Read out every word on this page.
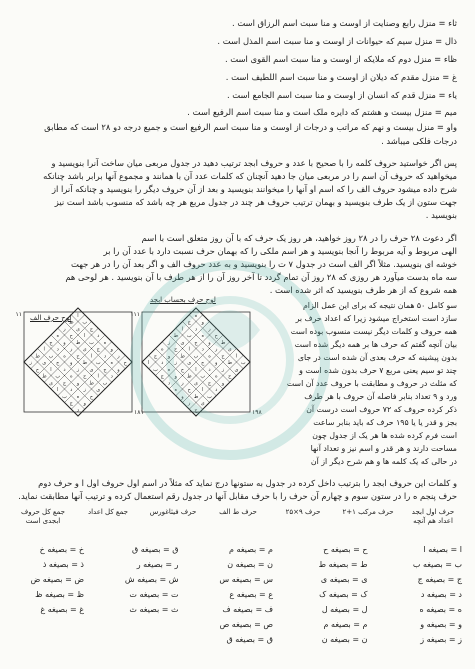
ثاء = منزل رابع وصنایت از اوست و منا سبت اسم الرزاق است .
ذال = منزل سیم که حیوانات از اوست و منا سبت اسم المذل است .
ظاء = منزل دوم که ملایکه از اوست و منا سبت اسم القوی است .
غ = منزل مقدم که دیلان از اوست و منا سبت اسم اللطیف است .
یاء = منزل قدم که انسان از اوست و منا سبت اسم الجامع است .
میم = منزل بیست و هشتم که دایره ملک است و منا سبت اسم الرفیع است .
واو = منزل بیست و نهم که مراتب و درجات از اوست و منا سبت اسم الرفیع است و جمیع درجه دو ۲۸ است که مطابق
درجات فلکی میباشد .
پس اگر خواستید حروف کلمه را با صحیح با عدد و حروف ابجد ترتیب دهید در جدول مربعی میان ساخت آنرا بنویسید و
میخواهید که حروف آن اسم را در مربعی میان جا دهید آنچنان که کلمات عدد آن با همانند و مجموع آنها برابر باشد چنانکه
شرح داده میشود حروف الف را که اسم او آنها را میخوانند بنویسید و بعد از آن حروف دیگر را بنویسید و چنانکه آنرا از
جهت ستون از یک طرف بنویسید و بهمان ترتیب حروف هر چند در جدول مربع هر چه باشد که منسوب باشد است نیز
بنویسید .
اگر دعوت ۲۸ حرف را در ۲۸ روز خواهید، هر روز یک حرف که با آن روز متعلق است با اسم
الهی مربوط و آیه مربوط را آنجا بنویسید و هر اسم ملکی را که بهمان حرف نسبت دارد با عدد آن را بر
خوشه ای بنویسید. مثلاً اگر الف است در جدول ۷ ت را بنویسید و به عدد حروف الف و اگر بعد آن را در هر جهت
سه ماه بدست میآورد هر روزی که ۲۸ روز آن تمام گردد تا آخر روز آن را از هر طرف با آن بنویسید . هر لوحی هم
همه شروع که از هر طرف بنویسید که اثر شده است .
لوح حرف بحساب ابجد
لوح حرف الف ا
ب
ج
د
ه
و
ز
ح
ط
ی
ا
ب
ج
د
ه
و
ز
ح
ط
ی
ا
ب
ج
د
ه
و
ز
ح
ط
ی
ا
ب
ج
د
ه
و
ز
ح
ط
ی
ا
ب
ج
د
ه
و
ز
ح
ط
ی
ا
ب
ج
د
ه
و
ز
ح
ط
ی
ا
ب
ج
د
۱۱
۱۸۱
ه
و
ز
ح
ط
ی
ا
ب
ج
د
ه
و
ز
ح
ط
ی
ا
ب
ج
د
ه
و
ز
ح
ط
ی
ا
ب
ج
د
ه
و
ز
ح
ط
ی
ا
ب
ج
د
ه
و
ز
ح
ط
ی
ا
ب
ج
د
ه
و
ز
ح
ط
ی
ا
ب
ج
د
ه
و
ز
ح
۱۱۱
۱۹۸
سو کامل ۵۰ همان نتیجه که برای این عمل الزام
سازد است استخراج میشود زیرا که اعداد حرف بر
همه حروف و کلمات دیگر نیست منسوب بوده است
بیان آنچه گفتم که حرف ها بر همه دیگر شده است
بدون پیشینه که حرف بعدی آن شده است در جای
چند تو سیم یعنی مربع ۷ حرف بدون شده است و
که مثلث در حروف و مطابقت با حروف عدد آن است
ورد و ۹ تعداد بنابر فاصله آن حروف با هر طرف
ذکر کرده حروف که ۷۲ حروف است درست آن
بجز و قدر یا یا ۱۹۵ حرف که باید بنابر ساعت
است فرم کرده شده ها هر یک از جدول چون
مساحت دارند و هر قدر و اسم نیز و تعداد آنها
در حالی که یک کلمه ها و هم شرح دیگر از آن
و کلمات این حروف ابجد را بترتیب داخل کرده در جدول به ستونها درج نماید که مثلاً در اسم اول حروف اول ا و حرف دوم
حرف پنجم ه را در ستون سوم و چهارم آن حرف را با حرف مقابل آنها در جدول رقم استعمال کرده و ترتیب آنها مطابقت نماید.
حرف اول ابجد اعداد هم آنچه
حرف مرکب ۱+۲
حرف ۹×۲۵
حرف ط الف
حرف فیثاغورس
جمع کل اعداد
جمع کل حروف ابجدی است
ا = بصیغه ا
ب = بصیغه ب
ج = بصیغه ج
د = بصیغه د
ه = بصیغه ه
و = بصیغه و
ز = بصیغه ز
ح = بصیغه ح
ط = بصیغه ط
ی = بصیغه ی
ک = بصیغه ک
ل = بصیغه ل
م = بصیغه م
ن = بصیغه ن
م = بصیغه م
ن = بصیغه ن
س = بصیغه س
ع = بصیغه ع
ف = بصیغه ف
ص = بصیغه ص
ق = بصیغه ق
ق = بصیغه ق
ر = بصیغه ر
ش = بصیغه ش
ت = بصیغه ت
ث = بصیغه ث
خ = بصیغه خ
ذ = بصیغه ذ
ض = بصیغه ض
ظ = بصیغه ظ
غ = بصیغه غ
